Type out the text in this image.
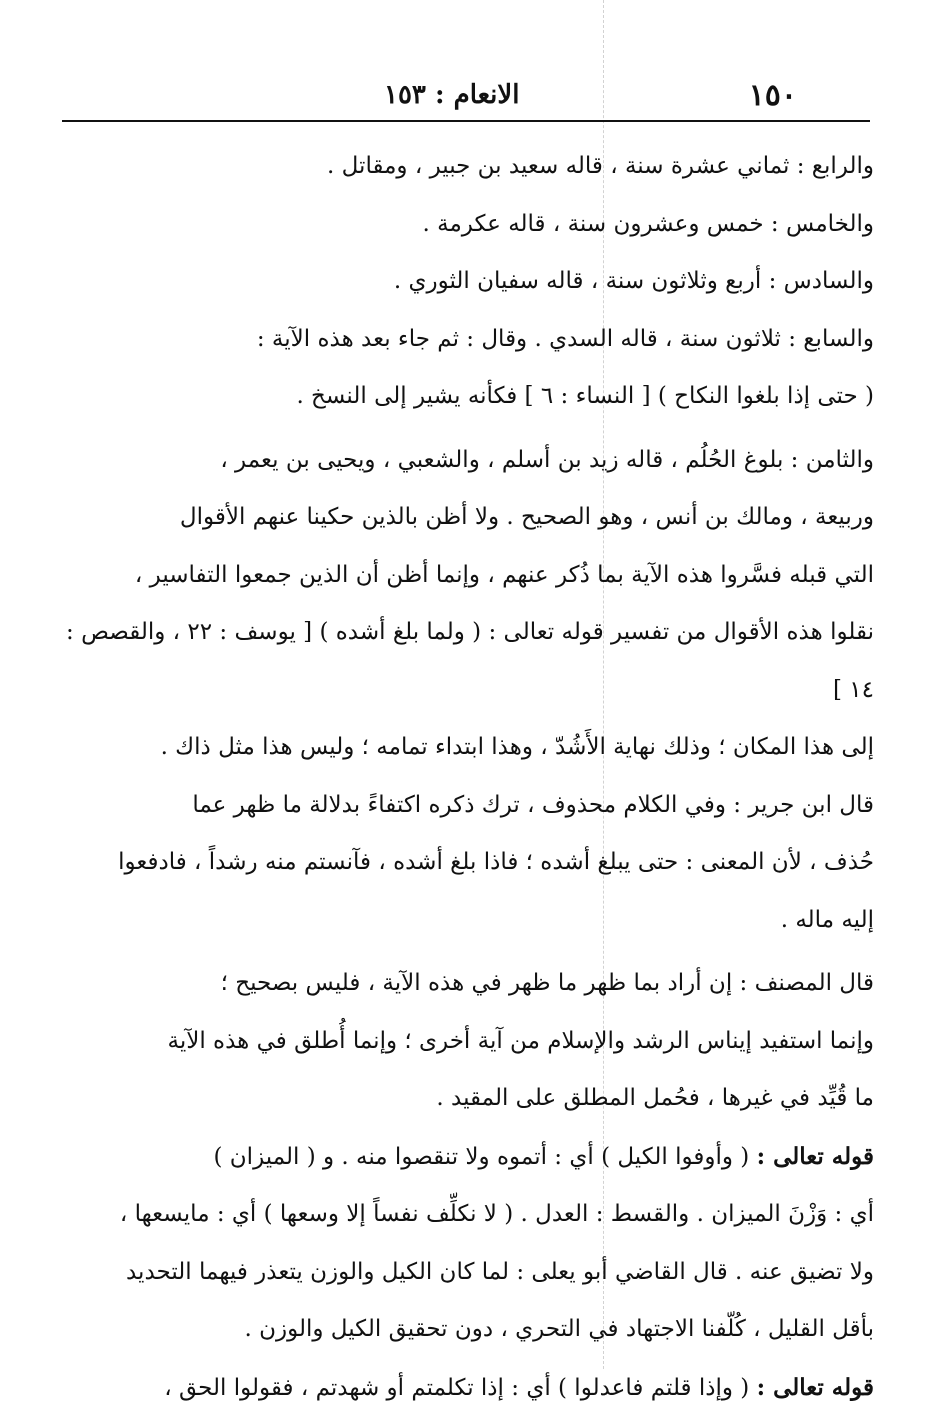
١٥٠
الانعام : ١٥٣

والرابع : ثماني عشرة سنة ، قاله سعيد بن جبير ، ومقاتل .

والخامس : خمس وعشرون سنة ، قاله عكرمة .

والسادس : أربع وثلاثون سنة ، قاله سفيان الثوري .

والسابع : ثلاثون سنة ، قاله السدي . وقال : ثم جاء بعد هذه الآية :

( حتى إذا بلغوا النكاح ) [ النساء : ٦ ] فكأنه يشير إلى النسخ .

والثامن : بلوغ الحُلُم ، قاله زيد بن أسلم ، والشعبي ، ويحيى بن يعمر ،

وربيعة ، ومالك بن أنس ، وهو الصحيح . ولا أظن بالذين حكينا عنهم الأقوال

التي قبله فسَّروا هذه الآية بما ذُكر عنهم ، وإنما أظن أن الذين جمعوا التفاسير ،

نقلوا هذه الأقوال من تفسير قوله تعالى : ( ولما بلغ أشده ) [ يوسف : ٢٢ ، والقصص : ١٤ ]

إلى هذا المكان ؛ وذلك نهاية الأَشُدّ ، وهذا ابتداء تمامه ؛ وليس هذا مثل ذاك .

قال ابن جرير : وفي الكلام محذوف ، ترك ذكره اكتفاءً بدلالة ما ظهر عما

حُذف ، لأن المعنى : حتى يبلغ أشده ؛ فاذا بلغ أشده ، فآنستم منه رشداً ، فادفعوا

إليه ماله .

قال المصنف : إن أراد بما ظهر ما ظهر في هذه الآية ، فليس بصحيح ؛

وإنما استفيد إيناس الرشد والإسلام من آية أخرى ؛ وإنما أُطلق في هذه الآية

ما قُيِّد في غيرها ، فحُمل المطلق على المقيد .

قوله تعالى : ( وأوفوا الكيل ) أي : أتموه ولا تنقصوا منه . و ( الميزان )

أي : وَزْنَ الميزان . والقسط : العدل . ( لا نكلِّف نفساً إلا وسعها ) أي : مايسعها ،

ولا تضيق عنه . قال القاضي أبو يعلى : لما كان الكيل والوزن يتعذر فيهما التحديد

بأقل القليل ، كُلّفنا الاجتهاد في التحري ، دون تحقيق الكيل والوزن .

قوله تعالى : ( وإذا قلتم فاعدلوا ) أي : إذا تكلمتم أو شهدتم ، فقولوا الحق ،
